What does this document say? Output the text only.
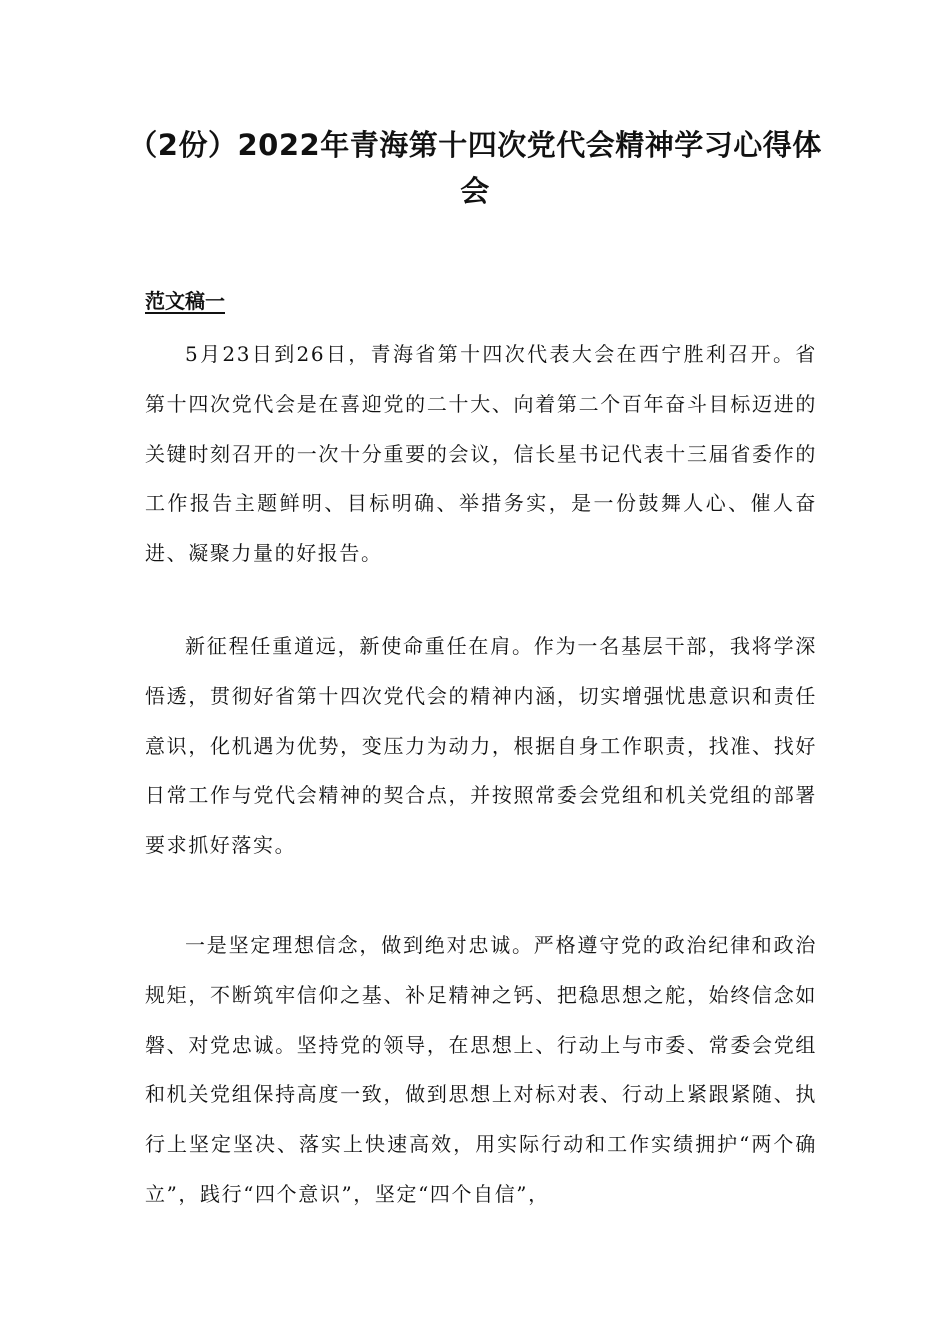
（2份）2022年青海第十四次党代会精神学习心得体会
范文稿一

5月23日到26日，青海省第十四次代表大会在西宁胜利召开。省第十四次党代会是在喜迎党的二十大、向着第二个百年奋斗目标迈进的关键时刻召开的一次十分重要的会议，信长星书记代表十三届省委作的工作报告主题鲜明、目标明确、举措务实，是一份鼓舞人心、催人奋进、凝聚力量的好报告。

新征程任重道远，新使命重任在肩。作为一名基层干部，我将学深悟透，贯彻好省第十四次党代会的精神内涵，切实增强忧患意识和责任意识，化机遇为优势，变压力为动力，根据自身工作职责，找准、找好日常工作与党代会精神的契合点，并按照常委会党组和机关党组的部署要求抓好落实。

一是坚定理想信念，做到绝对忠诚。严格遵守党的政治纪律和政治规矩，不断筑牢信仰之基、补足精神之钙、把稳思想之舵，始终信念如磐、对党忠诚。坚持党的领导，在思想上、行动上与市委、常委会党组和机关党组保持高度一致，做到思想上对标对表、行动上紧跟紧随、执行上坚定坚决、落实上快速高效，用实际行动和工作实绩拥护“两个确立”，践行“四个意识”，坚定“四个自信”，
